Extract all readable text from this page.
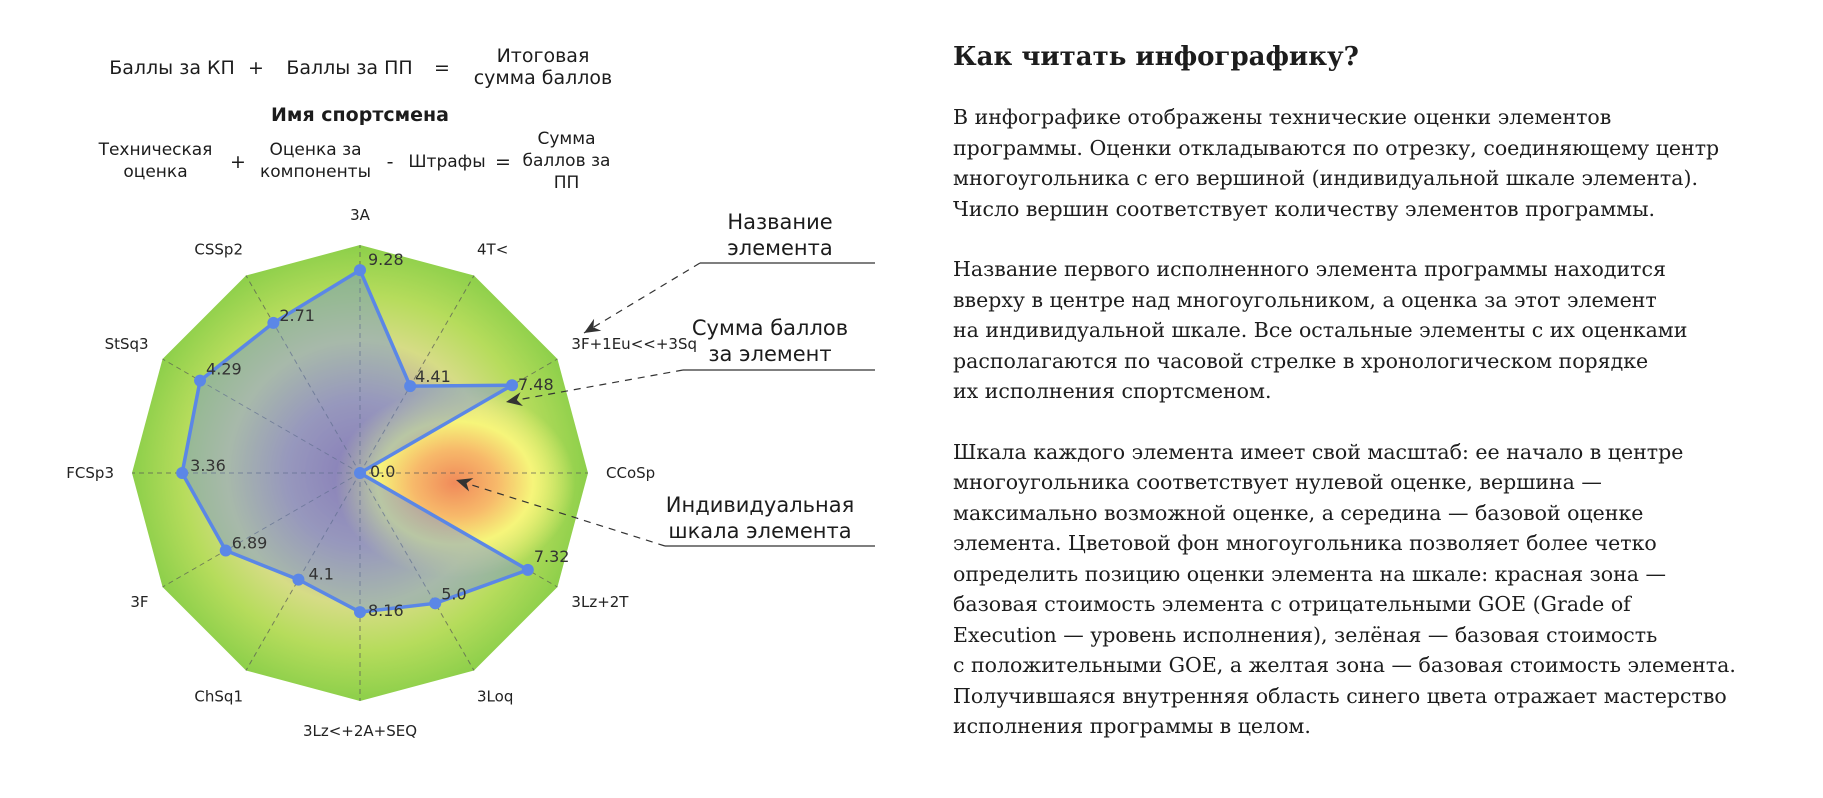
9.28
4.41	7.48
0.0
7.32
5.0
8.16
4.1
6.89
3.36
4.29
2.71
3A
4T<
3F+1Eu<<+3Sq
CCoSp
3Lz+2T
3Loq
3Lz<+2A+SEQ
ChSq1
3F
FCSp3
StSq3
CSSp2
Баллы за КП +	Баллы за ПП	=
Итоговая
сумма баллов
Имя спортсмена
Техническая
оценка	+
Оценка за
компоненты - Штрафы =
Сумма
баллов за
ПП
Название
элемента
Сумма баллов
за элемент
Индивидуальная
шкала элемента
Как читать инфографику?

В инфографике отображены технические оценки элементов
программы. Оценки откладываются по отрезку, соединяющему центр
многоугольника с его вершиной (индивидуальной шкале элемента).
Число вершин соответствует количеству элементов программы.

Название первого исполненного элемента программы находится
вверху в центре над многоугольником, а оценка за этот элемент
на индивидуальной шкале. Все остальные элементы с их оценками
располагаются по часовой стрелке в хронологическом порядке
их исполнения спортсменом.

Шкала каждого элемента имеет свой масштаб: ее начало в центре
многоугольника соответствует нулевой оценке, вершина —
максимально возможной оценке, а середина — базовой оценке
элемента. Цветовой фон многоугольника позволяет более четко
определить позицию оценки элемента на шкале: красная зона —
базовая стоимость элемента с отрицательными GOE (Grade of
Execution — уровень исполнения), зелёная — базовая стоимость
с положительными GOE, а желтая зона — базовая стоимость элемента.
Получившаяся внутренняя область синего цвета отражает мастерство
исполнения программы в целом.
